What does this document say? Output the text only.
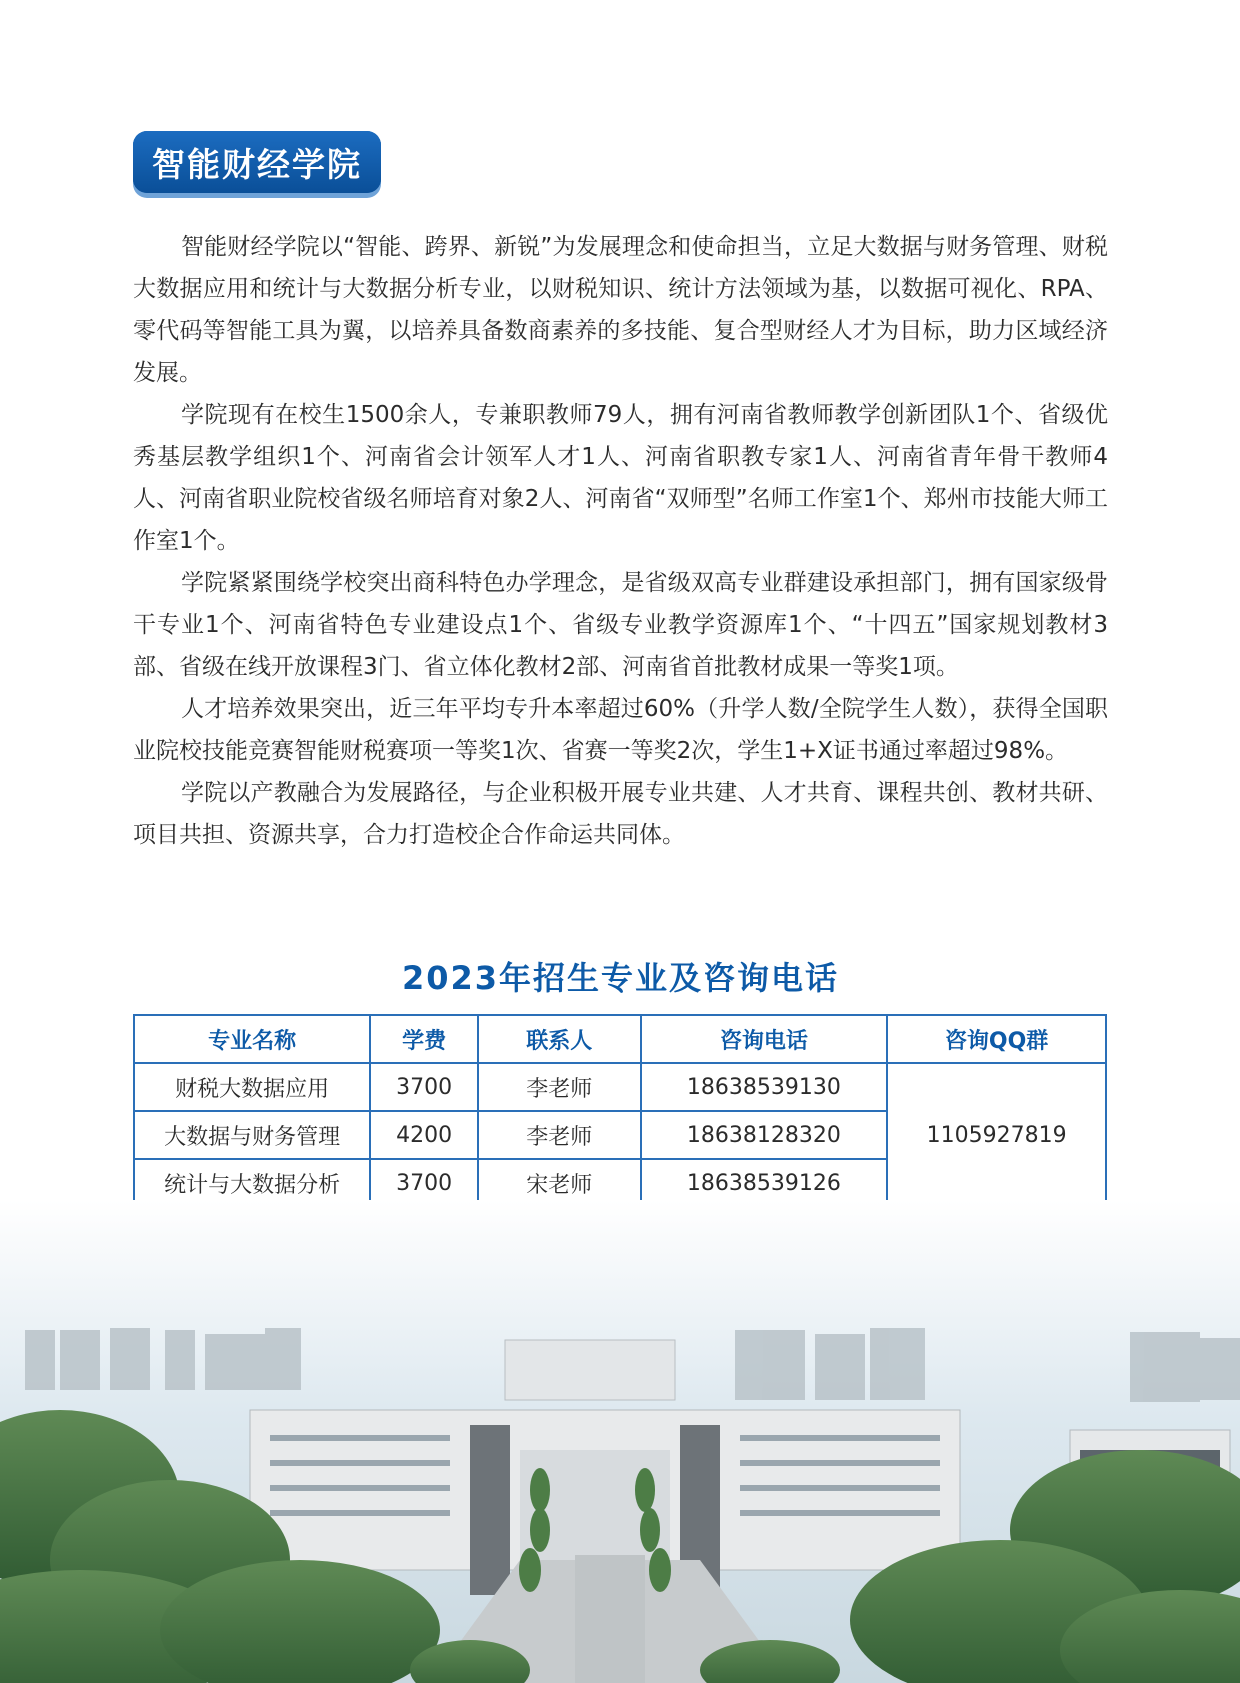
智能财经学院

智能财经学院以“智能、跨界、新锐”为发展理念和使命担当，立足大数据与财务管理、财税大数据应用和统计与大数据分析专业，以财税知识、统计方法领域为基，以数据可视化、RPA、零代码等智能工具为翼，以培养具备数商素养的多技能、复合型财经人才为目标，助力区域经济发展。

学院现有在校生1500余人，专兼职教师79人，拥有河南省教师教学创新团队1个、省级优秀基层教学组织1个、河南省会计领军人才1人、河南省职教专家1人、河南省青年骨干教师4人、河南省职业院校省级名师培育对象2人、河南省“双师型”名师工作室1个、郑州市技能大师工作室1个。

学院紧紧围绕学校突出商科特色办学理念，是省级双高专业群建设承担部门，拥有国家级骨干专业1个、河南省特色专业建设点1个、省级专业教学资源库1个、“十四五”国家规划教材3部、省级在线开放课程3门、省立体化教材2部、河南省首批教材成果一等奖1项。

人才培养效果突出，近三年平均专升本率超过60%（升学人数/全院学生人数），获得全国职业院校技能竞赛智能财税赛项一等奖1次、省赛一等奖2次，学生1+X证书通过率超过98%。

学院以产教融合为发展路径，与企业积极开展专业共建、人才共育、课程共创、教材共研、项目共担、资源共享，合力打造校企合作命运共同体。

2023年招生专业及咨询电话
专业名称	学费	联系人	咨询电话	咨询QQ群
财税大数据应用	3700	李老师	18638539130	1105927819
大数据与财务管理	4200	李老师	18638128320	
统计与大数据分析	3700	宋老师	18638539126	
